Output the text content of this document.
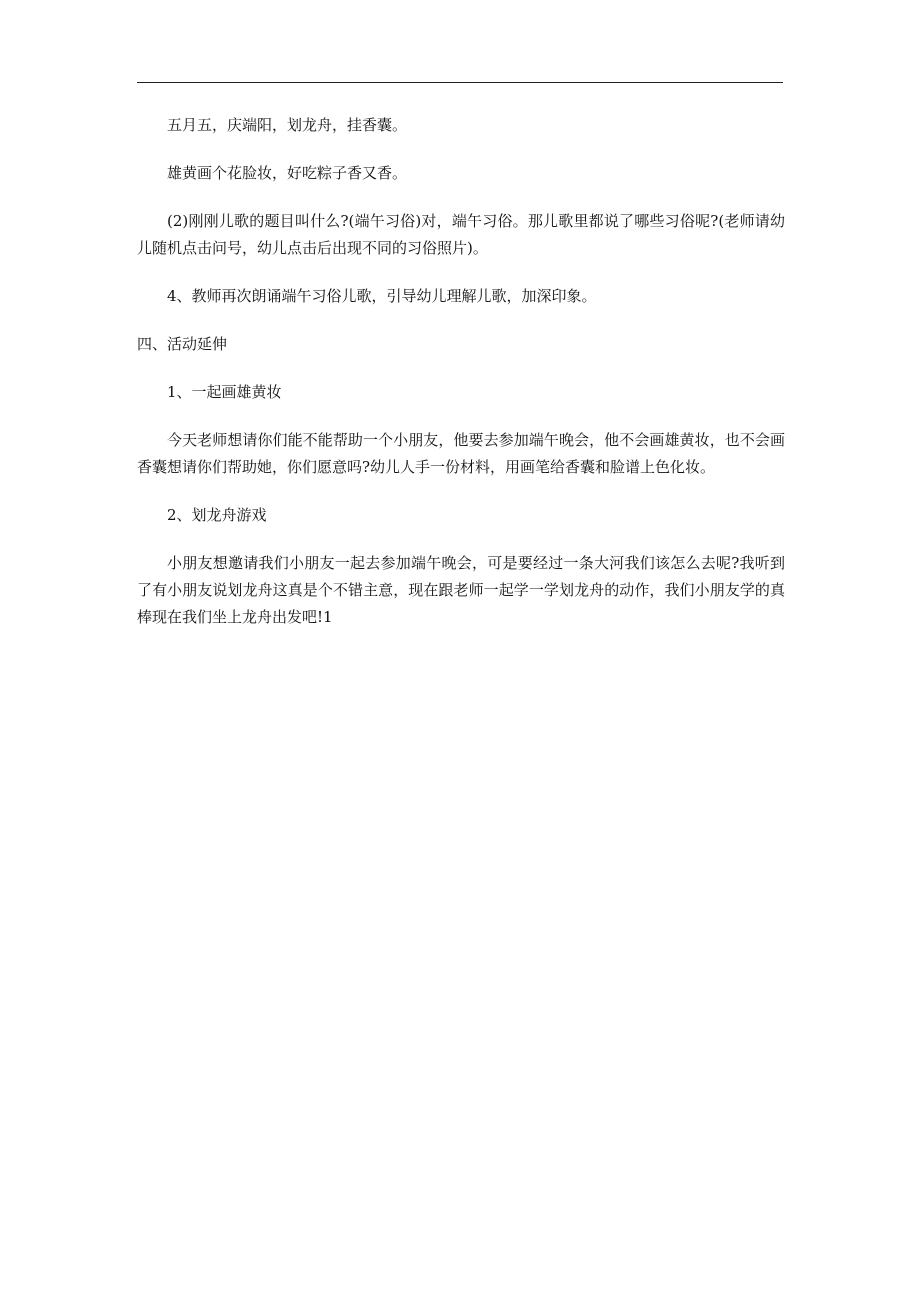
五月五，庆端阳，划龙舟，挂香囊。

雄黄画个花脸妆，好吃粽子香又香。

(2)刚刚儿歌的题目叫什么?(端午习俗)对，端午习俗。那儿歌里都说了哪些习俗呢?(老师请幼儿随机点击问号，幼儿点击后出现不同的习俗照片)。

4、教师再次朗诵端午习俗儿歌，引导幼儿理解儿歌，加深印象。

四、活动延伸

1、一起画雄黄妆

今天老师想请你们能不能帮助一个小朋友，他要去参加端午晚会，他不会画雄黄妆，也不会画香囊想请你们帮助她，你们愿意吗?幼儿人手一份材料，用画笔给香囊和脸谱上色化妆。

2、划龙舟游戏

小朋友想邀请我们小朋友一起去参加端午晚会，可是要经过一条大河我们该怎么去呢?我听到了有小朋友说划龙舟这真是个不错主意，现在跟老师一起学一学划龙舟的动作，我们小朋友学的真棒现在我们坐上龙舟出发吧!1
